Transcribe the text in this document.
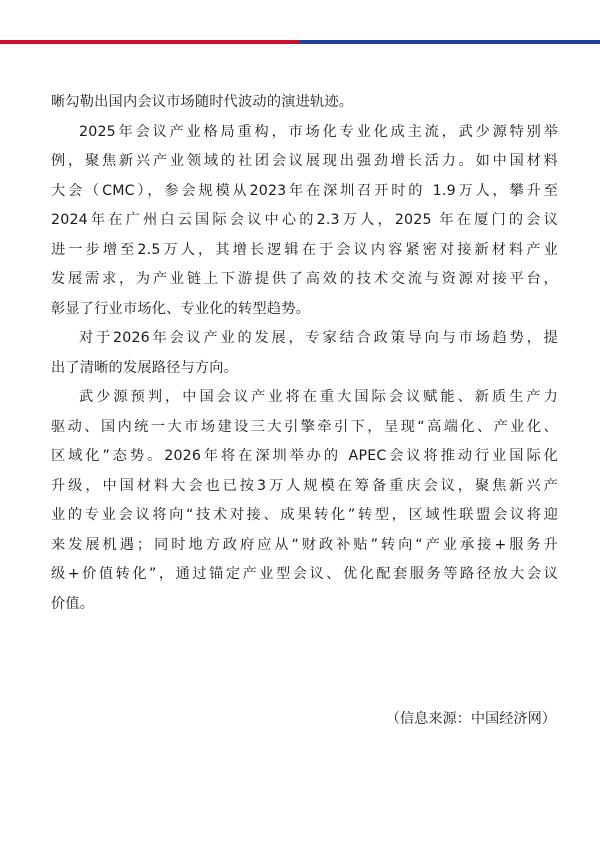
晰勾勒出国内会议市场随时代波动的演进轨迹。
2025年会议产业格局重构，市场化专业化成主流，武少源特别举
例，聚焦新兴产业领域的社团会议展现出强劲增长活力。如中国材料
大会（CMC），参会规模从2023年在深圳召开时的 1.9万人，攀升至
2024年在广州白云国际会议中心的2.3万人，2025 年在厦门的会议
进一步增至2.5万人，其增长逻辑在于会议内容紧密对接新材料产业
发展需求，为产业链上下游提供了高效的技术交流与资源对接平台，
彰显了行业市场化、专业化的转型趋势。
对于2026年会议产业的发展，专家结合政策导向与市场趋势，提
出了清晰的发展路径与方向。
武少源预判，中国会议产业将在重大国际会议赋能、新质生产力
驱动、国内统一大市场建设三大引擎牵引下，呈现“高端化、产业化、
区域化”态势。2026年将在深圳举办的 APEC会议将推动行业国际化
升级，中国材料大会也已按3万人规模在筹备重庆会议，聚焦新兴产
业的专业会议将向“技术对接、成果转化”转型，区域性联盟会议将迎
来发展机遇；同时地方政府应从“财政补贴”转向“产业承接+服务升
级+价值转化”，通过锚定产业型会议、优化配套服务等路径放大会议
价值。
（信息来源：中国经济网）
